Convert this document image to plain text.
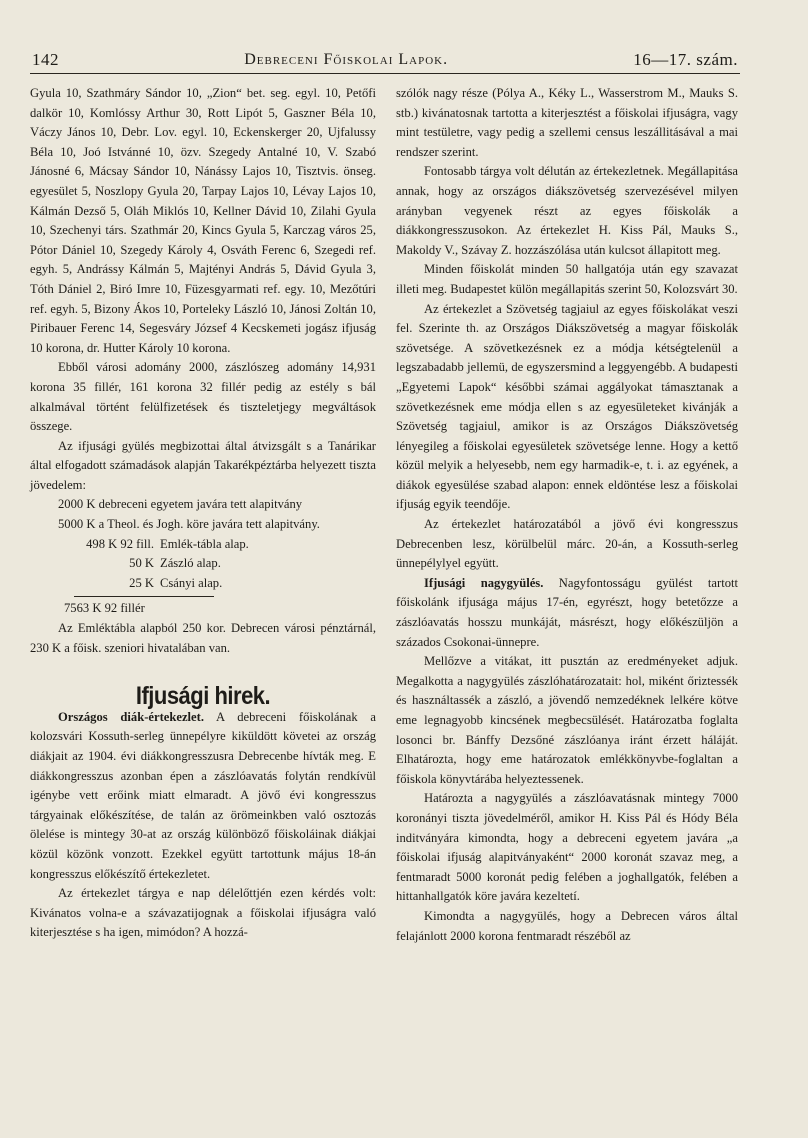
142	Debreceni Főiskolai Lapok.	16—17. szám.

Gyula 10, Szathmáry Sándor 10, „Zion“ bet. seg. egyl. 10, Petőfi dalkör 10, Komlóssy Arthur 30, Rott Lipót 5, Gaszner Béla 10, Váczy János 10, Debr. Lov. egyl. 10, Eckenskerger 20, Ujfalussy Béla 10, Joó Istvánné 10, özv. Szegedy Antalné 10, V. Szabó Jánosné 6, Mácsay Sándor 10, Nánássy Lajos 10, Tisztvis. önseg. egyesület 5, Noszlopy Gyula 20, Tarpay Lajos 10, Lévay Lajos 10, Kálmán Dezső 5, Oláh Miklós 10, Kellner Dávid 10, Zilahi Gyula 10, Szechenyi társ. Szathmár 20, Kincs Gyula 5, Karczag város 25, Pótor Dániel 10, Szegedy Károly 4, Osváth Ferenc 6, Szegedi ref. egyh. 5, Andrássy Kálmán 5, Majtényi András 5, Dávid Gyula 3, Tóth Dániel 2, Biró Imre 10, Füzesgyarmati ref. egy. 10, Mezőtúri ref. egyh. 5, Bizony Ákos 10, Porteleky László 10, Jánosi Zoltán 10, Piribauer Ferenc 14, Segesváry József 4 Kecskemeti jogász ifjuság 10 korona, dr. Hutter Károly 10 korona.

Ebből városi adomány 2000, zászlószeg adomány 14,931 korona 35 fillér, 161 korona 32 fillér pedig az estély s bál alkalmával történt felülfizetések és tiszteletjegy megváltások összege.

Az ifjusági gyülés megbizottai által átvizsgált s a Tanárikar által elfogadott számadások alapján Takarékpéztárba helyezett tiszta jövedelem:

2000 K debreceni egyetem javára tett alapitvány

5000 K a Theol. és Jogh. köre javára tett alapitvány.

498 K 92 fill. Emlék-tábla alap.
50 K Zászló alap.
25 K Csányi alap.

7563 K 92 fillér

Az Emléktábla alapból 250 kor. Debrecen városi pénztárnál, 230 K a főisk. szeniori hivatalában van.

Ifjusági hirek.

Országos diák-értekezlet. A debreceni főiskolának a kolozsvári Kossuth-serleg ünnepélyre kiküldött követei az ország diákjait az 1904. évi diákkongresszusra Debrecenbe hívták meg. E diákkongresszus azonban épen a zászlóavatás folytán rendkívül igénybe vett erőink miatt elmaradt. A jövő évi kongresszus tárgyainak előkészítése, de talán az örömeinkben való osztozás ölelése is mintegy 30-at az ország különböző főiskoláinak diákjai közül közönk vonzott. Ezekkel együtt tartottunk május 18-án kongresszus előkészítő értekezletet.

Az értekezlet tárgya e nap délelőttjén ezen kérdés volt: Kivánatos volna-e a szávazatijognak a főiskolai ifjuságra való kiterjesztése s ha igen, mimódon? A hozzá-

szólók nagy része (Pólya A., Kéky L., Wasserstrom M., Mauks S. stb.) kivánatosnak tartotta a kiterjesztést a főiskolai ifjuságra, vagy mint testületre, vagy pedig a szellemi census leszállitásával a mai rendszer szerint.

Fontosabb tárgya volt délután az értekezletnek. Megállapitása annak, hogy az országos diákszövetség szervezésével milyen arányban vegyenek részt az egyes főiskolák a diákkongresszusokon. Az értekezlet H. Kiss Pál, Mauks S., Makoldy V., Szávay Z. hozzászólása után kulcsot állapitott meg.

Minden főiskolát minden 50 hallgatója után egy szavazat illeti meg. Budapestet külön megállapitás szerint 50, Kolozsvárt 30.

Az értekezlet a Szövetség tagjaiul az egyes főiskolákat veszi fel. Szerinte th. az Országos Diákszövetség a magyar főiskolák szövetsége. A szövetkezésnek ez a módja kétségtelenül a legszabadabb jellemü, de egyszersmind a leggyengébb. A budapesti „Egyetemi Lapok“ későbbi számai aggályokat támasztanak a szövetkezésnek eme módja ellen s az egyesületeket kivánják a Szövetség tagjaiul, amikor is az Országos Diákszövetség lényegileg a főiskolai egyesületek szövetsége lenne. Hogy a kettő közül melyik a helyesebb, nem egy harmadik-e, t. i. az egyének, a diákok egyesülése szabad alapon: ennek eldöntése lesz a főiskolai ifjuság egyik teendője.

Az értekezlet határozatából a jövő évi kongresszus Debrecenben lesz, körülbelül márc. 20-án, a Kossuth-serleg ünnepélylyel együtt.

Ifjusági nagygyülés. Nagyfontosságu gyülést tartott főiskolánk ifjusága május 17-én, egyrészt, hogy betetőzze a zászlóavatás hosszu munkáját, másrészt, hogy előkészüljön a százados Csokonai-ünnepre.

Mellőzve a vitákat, itt pusztán az eredményeket adjuk. Megalkotta a nagygyülés zászlóhatározatait: hol, miként őriztessék és használtassék a zászló, a jövendő nemzedéknek lelkére kötve eme legnagyobb kincsének megbecsülését. Határozatba foglalta losonci br. Bánffy Dezsőné zászlóanya iránt érzett háláját. Elhatározta, hogy eme határozatok emlékkönyvbe-foglaltan a főiskola könyvtárába helyeztessenek.

Határozta a nagygyülés a zászlóavatásnak mintegy 7000 koronányi tiszta jövedelméről, amikor H. Kiss Pál és Hódy Béla inditványára kimondta, hogy a debreceni egyetem javára „a főiskolai ifjuság alapitványaként“ 2000 koronát szavaz meg, a fentmaradt 5000 koronát pedig felében a joghallgatók, felében a hittanhallgatók köre javára kezeltetí.

Kimondta a nagygyülés, hogy a Debrecen város által felajánlott 2000 korona fentmaradt részéből az
